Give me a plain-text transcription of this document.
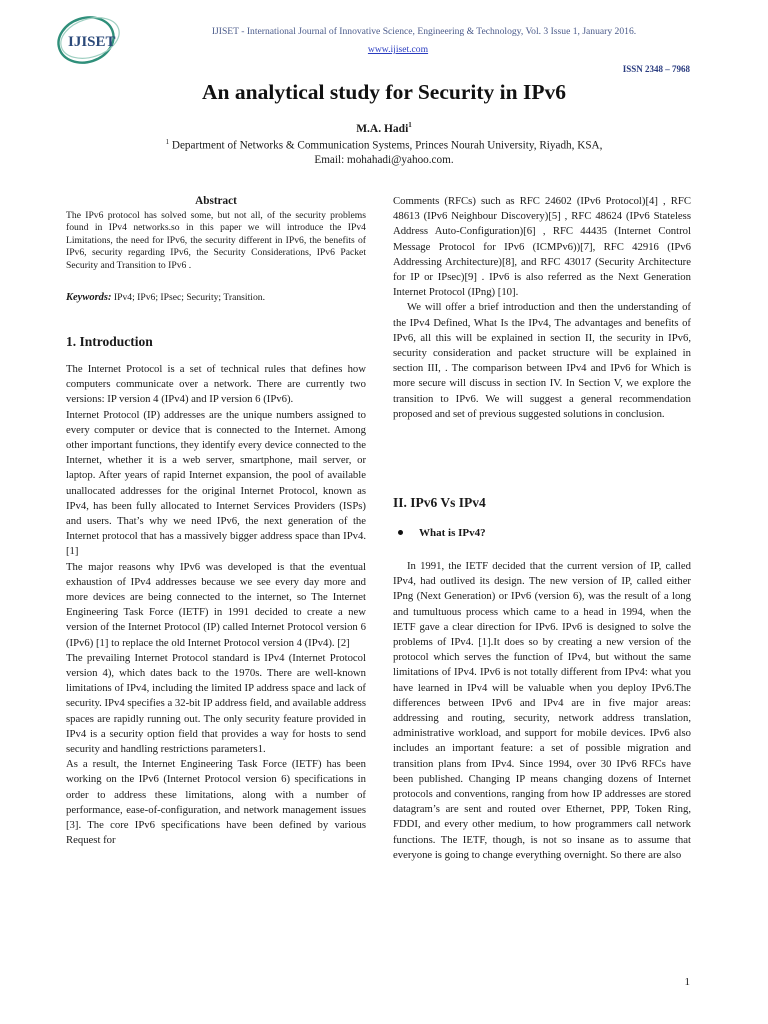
IJISET
IJISET - International Journal of Innovative Science, Engineering & Technology, Vol. 3 Issue 1, January 2016.
www.ijiset.com
ISSN 2348 – 7968
An analytical study for Security in IPv6
M.A. Hadi$^1$
$^1$ Department of Networks & Communication Systems, Princes Nourah University, Riyadh, KSA,
Email: mohahadi@yahoo.com.
Abstract
The IPv6 protocol has solved some, but not all, of the security problems found in IPv4 networks.so in this paper we will introduce the IPv4 Limitations, the need for IPv6, the security different in IPv6, the benefits of IPv6, security regarding IPv6, the Security Considerations, IPv6 Packet Security and Transition to IPv6 .
Keywords: IPv4; IPv6; IPsec; Security; Transition.
1. Introduction

The Internet Protocol is a set of technical rules that defines how computers communicate over a network. There are currently two versions: IP version 4 (IPv4) and IP version 6 (IPv6).

Internet Protocol (IP) addresses are the unique numbers assigned to every computer or device that is connected to the Internet. Among other important functions, they identify every device connected to the Internet, whether it is a web server, smartphone, mail server, or laptop. After years of rapid Internet expansion, the pool of available unallocated addresses for the original Internet Protocol, known as IPv4, has been fully allocated to Internet Services Providers (ISPs) and users. That’s why we need IPv6, the next generation of the Internet protocol that has a massively bigger address space than IPv4. [1]

The major reasons why IPv6 was developed is that the eventual exhaustion of IPv4 addresses because we see every day more and more devices are being connected to the internet, so The Internet Engineering Task Force (IETF) in 1991 decided to create a new version of the Internet Protocol (IP) called Internet Protocol version 6 (IPv6) [1] to replace the old Internet Protocol version 4 (IPv4). [2]

The prevailing Internet Protocol standard is IPv4 (Internet Protocol version 4), which dates back to the 1970s. There are well-known limitations of IPv4, including the limited IP address space and lack of security. IPv4 specifies a 32-bit IP address field, and available address spaces are rapidly running out. The only security feature provided in IPv4 is a security option field that provides a way for hosts to send security and handling restrictions parameters1.

As a result, the Internet Engineering Task Force (IETF) has been working on the IPv6 (Internet Protocol version 6) specifications in order to address these limitations, along with a number of performance, ease-of-configuration, and network management issues [3]. The core IPv6 specifications have been defined by various Request for

Comments (RFCs) such as RFC 24602 (IPv6 Protocol)[4] , RFC 48613 (IPv6 Neighbour Discovery)[5] , RFC 48624 (IPv6 Stateless Address Auto-Configuration)[6] , RFC 44435 (Internet Control Message Protocol for IPv6 (ICMPv6))[7], RFC 42916 (IPv6 Addressing Architecture)[8], and RFC 43017 (Security Architecture for IP or IPsec)[9] . IPv6 is also referred as the Next Generation Internet Protocol (IPng) [10].

We will offer a brief introduction and then the understanding of the IPv4 Defined, What Is the IPv4, The advantages and benefits of IPv6, all this will be explained in section II, the security in IPv6, security consideration and packet structure will be explained in section III, . The comparison between IPv4 and IPv6 for Which is more secure will discuss in section IV. In Section V, we explore the transition to IPv6. We will suggest a general recommendation proposed and set of previous suggested solutions in conclusion.

II. IPv6 Vs IPv4
What is IPv4?

In 1991, the IETF decided that the current version of IP, called IPv4, had outlived its design. The new version of IP, called either IPng (Next Generation) or IPv6 (version 6), was the result of a long and tumultuous process which came to a head in 1994, when the IETF gave a clear direction for IPv6. IPv6 is designed to solve the problems of IPv4. [1].It does so by creating a new version of the protocol which serves the function of IPv4, but without the same limitations of IPv4. IPv6 is not totally different from IPv4: what you have learned in IPv4 will be valuable when you deploy IPv6.The differences between IPv6 and IPv4 are in five major areas: addressing and routing, security, network address translation, administrative workload, and support for mobile devices. IPv6 also includes an important feature: a set of possible migration and transition plans from IPv4. Since 1994, over 30 IPv6 RFCs have been published. Changing IP means changing dozens of Internet protocols and conventions, ranging from how IP addresses are stored datagram’s are sent and routed over Ethernet, PPP, Token Ring, FDDI, and every other medium, to how programmers call network functions. The IETF, though, is not so insane as to assume that everyone is going to change everything overnight. So there are also

1
